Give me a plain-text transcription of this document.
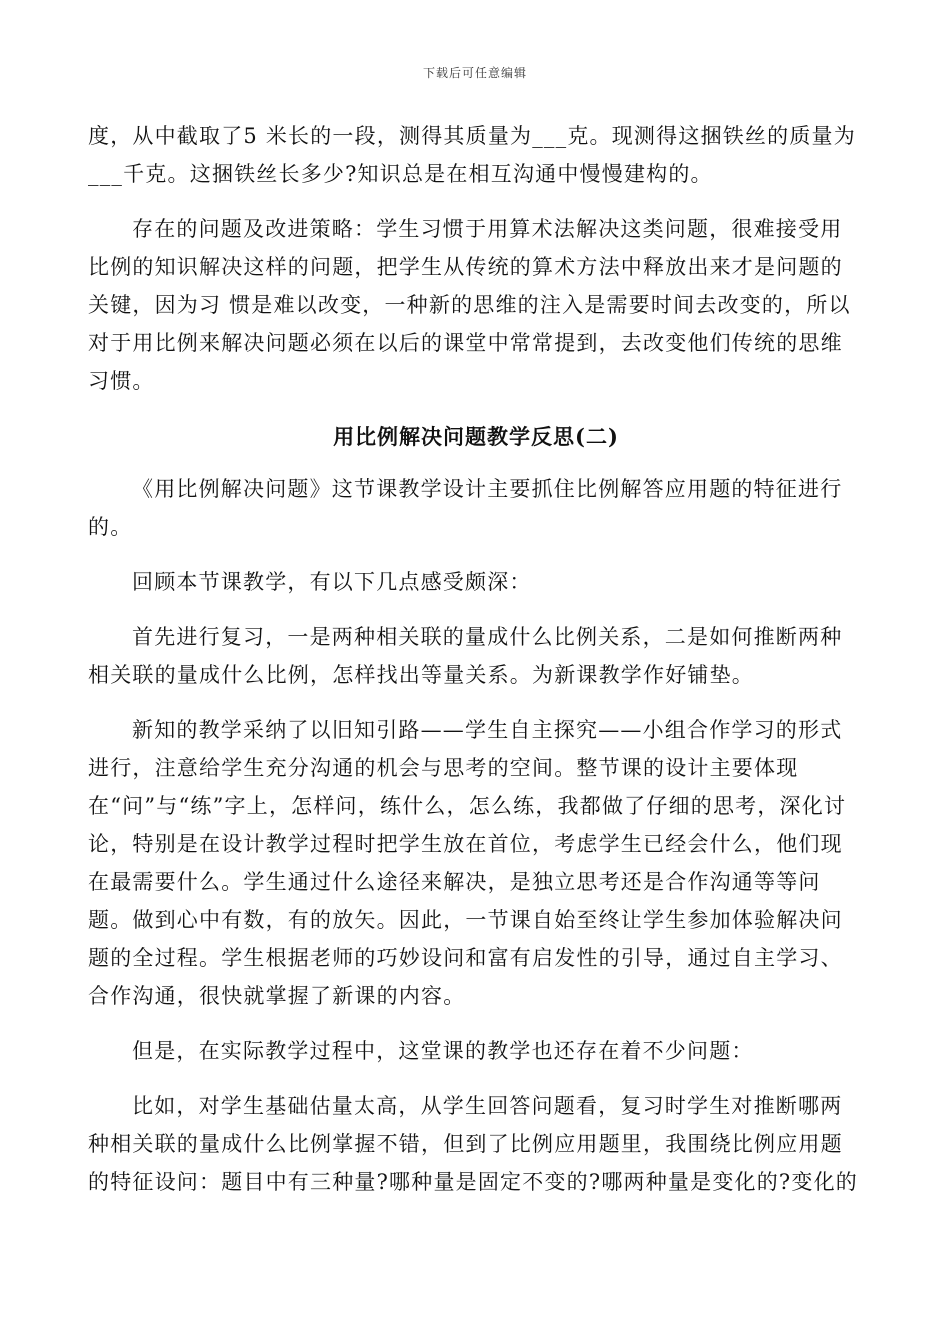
下载后可任意编辑

度，从中截取了5 米长的一段，测得其质量为___克。现测得这捆铁丝的质量为___千克。这捆铁丝长多少?知识总是在相互沟通中慢慢建构的。

存在的问题及改进策略：学生习惯于用算术法解决这类问题，很难接受用比例的知识解决这样的问题，把学生从传统的算术方法中释放出来才是问题的关键，因为习 惯是难以改变，一种新的思维的注入是需要时间去改变的，所以对于用比例来解决问题必须在以后的课堂中常常提到，去改变他们传统的思维习惯。

用比例解决问题教学反思(二)

《用比例解决问题》这节课教学设计主要抓住比例解答应用题的特征进行的。

回顾本节课教学，有以下几点感受颇深：

首先进行复习，一是两种相关联的量成什么比例关系，二是如何推断两种相关联的量成什么比例，怎样找出等量关系。为新课教学作好铺垫。

新知的教学采纳了以旧知引路——学生自主探究——小组合作学习的形式进行，注意给学生充分沟通的机会与思考的空间。整节课的设计主要体现在“问”与“练”字上，怎样问，练什么，怎么练，我都做了仔细的思考，深化讨论，特别是在设计教学过程时把学生放在首位，考虑学生已经会什么，他们现在最需要什么。学生通过什么途径来解决，是独立思考还是合作沟通等等问题。做到心中有数，有的放矢。因此，一节课自始至终让学生参加体验解决问题的全过程。学生根据老师的巧妙设问和富有启发性的引导，通过自主学习、合作沟通，很快就掌握了新课的内容。

但是，在实际教学过程中，这堂课的教学也还存在着不少问题：

比如，对学生基础估量太高，从学生回答问题看，复习时学生对推断哪两种相关联的量成什么比例掌握不错，但到了比例应用题里，我围绕比例应用题的特征设问：题目中有三种量?哪种量是固定不变的?哪两种量是变化的?变化的
